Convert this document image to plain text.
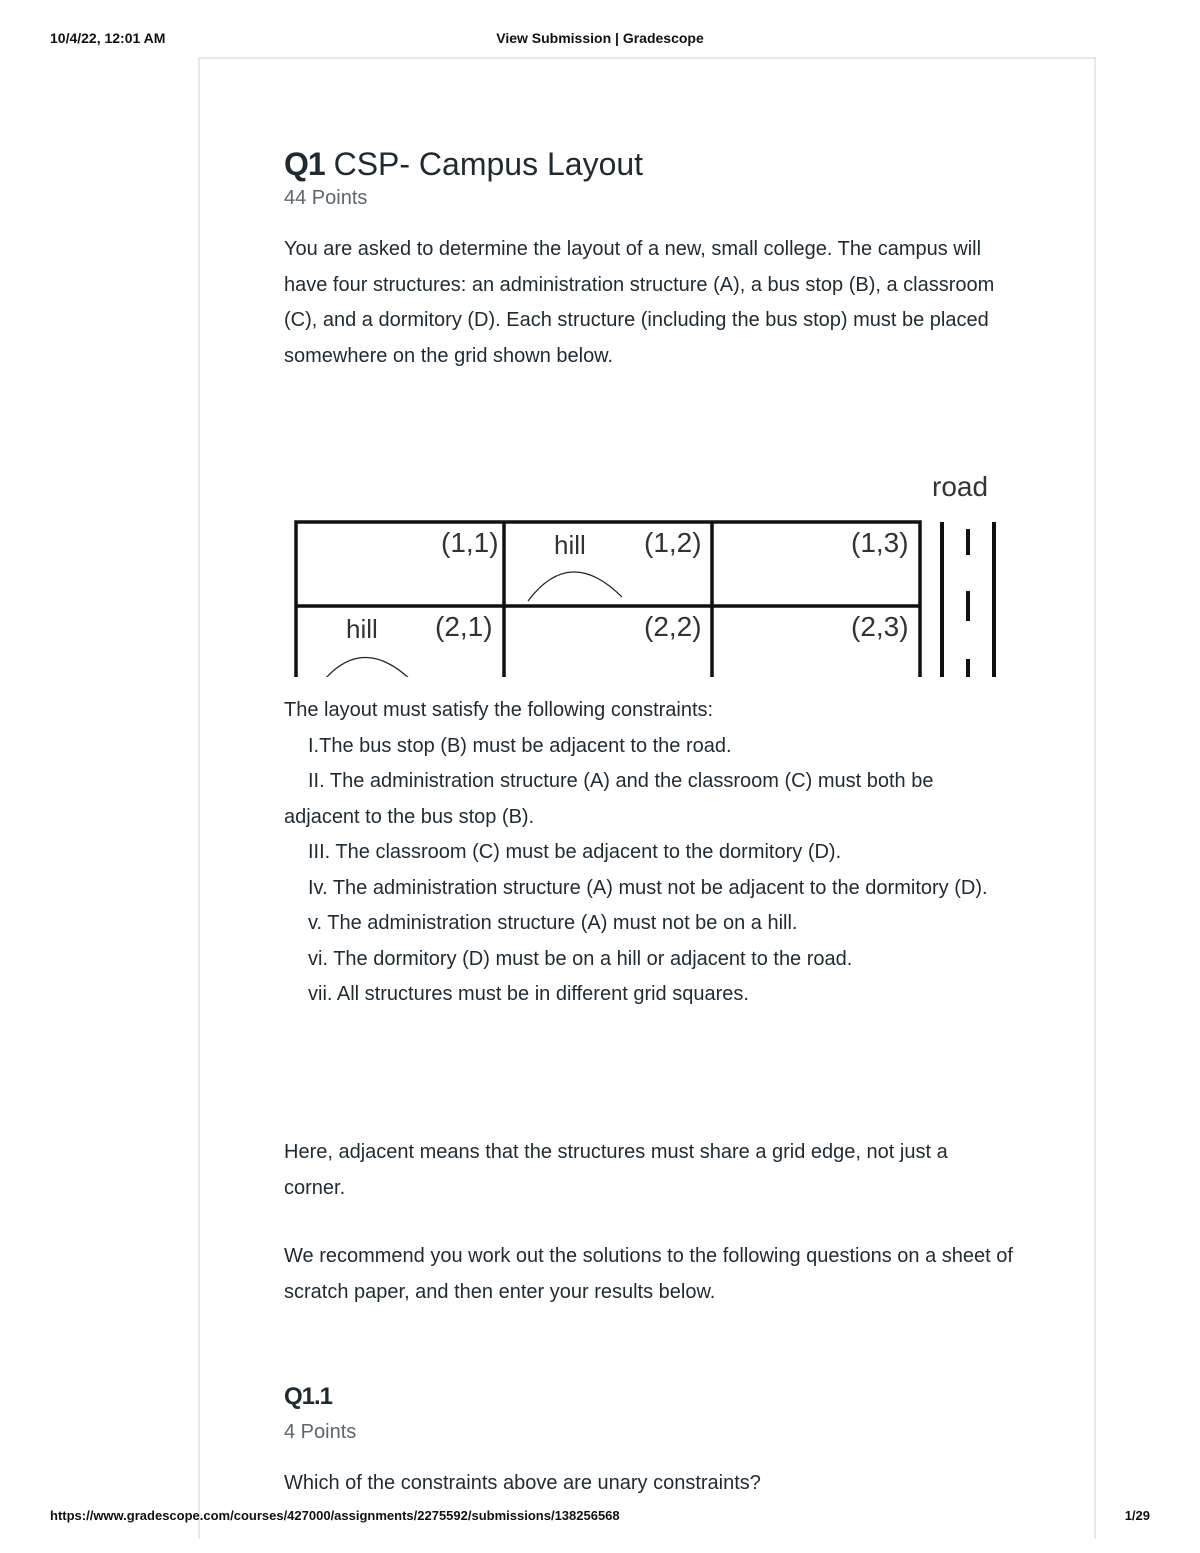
10/4/22, 12:01 AM	View Submission | Gradescope
Q1 CSP- Campus Layout
44 Points

You are asked to determine the layout of a new, small college. The campus will have four structures: an administration structure (A), a bus stop (B), a classroom (C), and a dormitory (D). Each structure (including the bus stop) must be placed somewhere on the grid shown below.

road
(1,1) hill (1,2)	(1,3)
hill (2,1)	(2,2)	(2,3)

The layout must satisfy the following constraints:

I.The bus stop (B) must be adjacent to the road.

II. The administration structure (A) and the classroom (C) must both be adjacent to the bus stop (B).

III. The classroom (C) must be adjacent to the dormitory (D).

Iv. The administration structure (A) must not be adjacent to the dormitory (D).

v. The administration structure (A) must not be on a hill.

vi. The dormitory (D) must be on a hill or adjacent to the road.

vii. All structures must be in different grid squares.

Here, adjacent means that the structures must share a grid edge, not just a corner.

We recommend you work out the solutions to the following questions on a sheet of scratch paper, and then enter your results below.

Q1.1
4 Points

Which of the constraints above are unary constraints?

https://www.gradescope.com/courses/427000/assignments/2275592/submissions/138256568	1/29
